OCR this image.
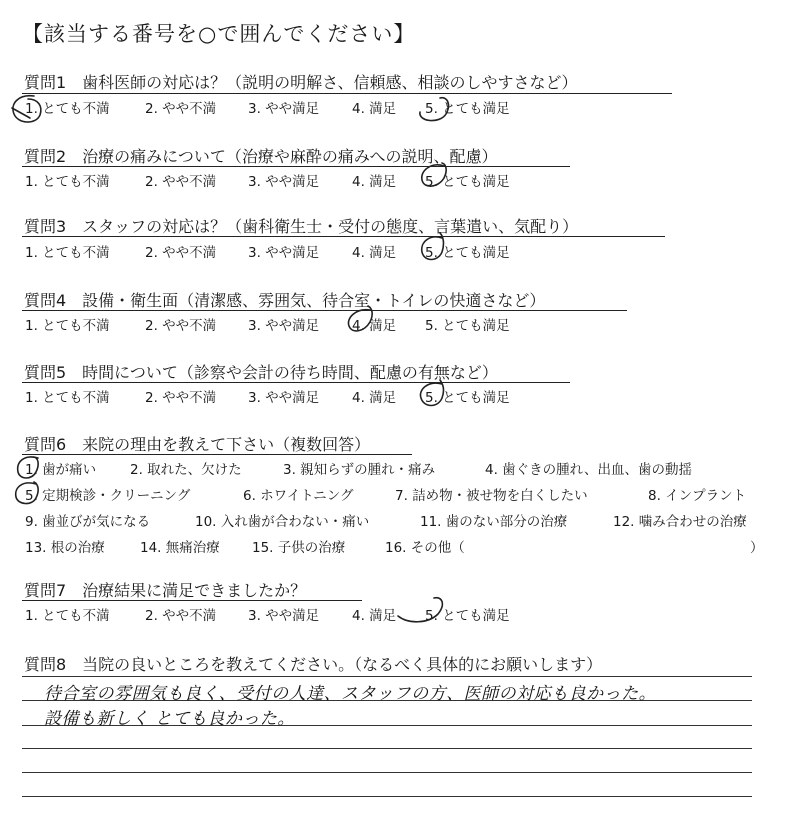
【該当する番号を○で囲んでください】
質問1　歯科医師の対応は？（説明の明解さ、信頼感、相談のしやすさなど）
1. とても不満	2. やや不満 3. やや満足 4. 満足 5. とても満足
質問2　治療の痛みについて（治療や麻酔の痛みへの説明、配慮）
1. とても不満	2. やや不満 3. やや満足 4. 満足 5. とても満足
質問3　スタッフの対応は？（歯科衛生士・受付の態度、言葉遣い、気配り）
1. とても不満	2. やや不満 3. やや満足 4. 満足 5. とても満足
質問4　設備・衛生面（清潔感、雰囲気、待合室・トイレの快適さなど）
1. とても不満	2. やや不満 3. やや満足 4. 満足 5. とても満足
質問5　時間について（診察や会計の待ち時間、配慮の有無など）
1. とても不満	2. やや不満 3. やや満足 4. 満足 5. とても満足
質問6　来院の理由を教えて下さい（複数回答）
1. 歯が痛い	2. 取れた、欠けた	3. 親知らずの腫れ・痛み	4. 歯ぐきの腫れ、出血、歯の動揺
5. 定期検診・クリーニング	6. ホワイトニング	7. 詰め物・被せ物を白くしたい	8. インプラント
9. 歯並びが気になる	10. 入れ歯が合わない・痛い	11. 歯のない部分の治療	12. 噛み合わせの治療
13. 根の治療	14. 無痛治療 15. 子供の治療	16. その他（	）
質問7　治療結果に満足できましたか？
1. とても不満	2. やや不満 3. やや満足 4. 満足 5. とても満足
質問8　当院の良いところを教えてください。（なるべく具体的にお願いします）
待合室の雰囲気も良く、受付の人達、スタッフの方、医師の対応も良かった。
設備も新しく とても良かった。
